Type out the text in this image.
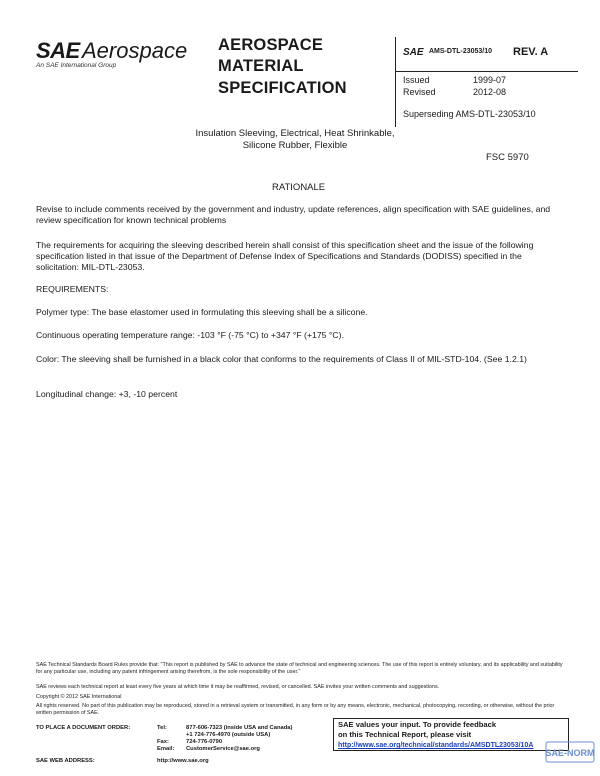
SAE Aerospace
An SAE International Group
AEROSPACE
MATERIAL
SPECIFICATION
SAE AMS-DTL-23053/10 REV. A
Issued	1999-07
Revised	2012-08
Superseding AMS-DTL-23053/10
Insulation Sleeving, Electrical, Heat Shrinkable,
Silicone Rubber, Flexible
FSC 5970
RATIONALE
Revise to include comments received by the government and industry, update references, align specification with SAE guidelines, and review specification for known technical problems
The requirements for acquiring the sleeving described herein shall consist of this specification sheet and the issue of the following specification listed in that issue of the Department of Defense Index of Specifications and Standards (DODISS) specified in the solicitation: MIL-DTL-23053.
REQUIREMENTS:
Polymer type: The base elastomer used in formulating this sleeving shall be a silicone.
Continuous operating temperature range: -103 °F (-75 °C) to +347 °F (+175 °C).
Color: The sleeving shall be furnished in a black color that conforms to the requirements of Class II of MIL-STD-104. (See 1.2.1)
Longitudinal change: +3, -10 percent
SAE Technical Standards Board Rules provide that: "This report is published by SAE to advance the state of technical and engineering sciences. The use of this report is entirely voluntary, and its applicability and suitability for any particular use, including any patent infringement arising therefrom, is the sole responsibility of the user."
SAE reviews each technical report at least every five years at which time it may be reaffirmed, revised, or cancelled. SAE invites your written comments and suggestions.
Copyright © 2012 SAE International
All rights reserved. No part of this publication may be reproduced, stored in a retrieval system or transmitted, in any form or by any means, electronic, mechanical, photocopying, recording, or otherwise, without the prior written permission of SAE.
TO PLACE A DOCUMENT ORDER:	Tel:	877-606-7323 (inside USA and Canada)
+1 724-776-4970 (outside USA)
Fax:	724-776-0790
Email: CustomerService@sae.org
SAE WEB ADDRESS:	http://www.sae.org
SAE values your input. To provide feedback
on this Technical Report, please visit
http://www.sae.org/technical/standards/AMSDTL23053/10A
SAE-NORM
